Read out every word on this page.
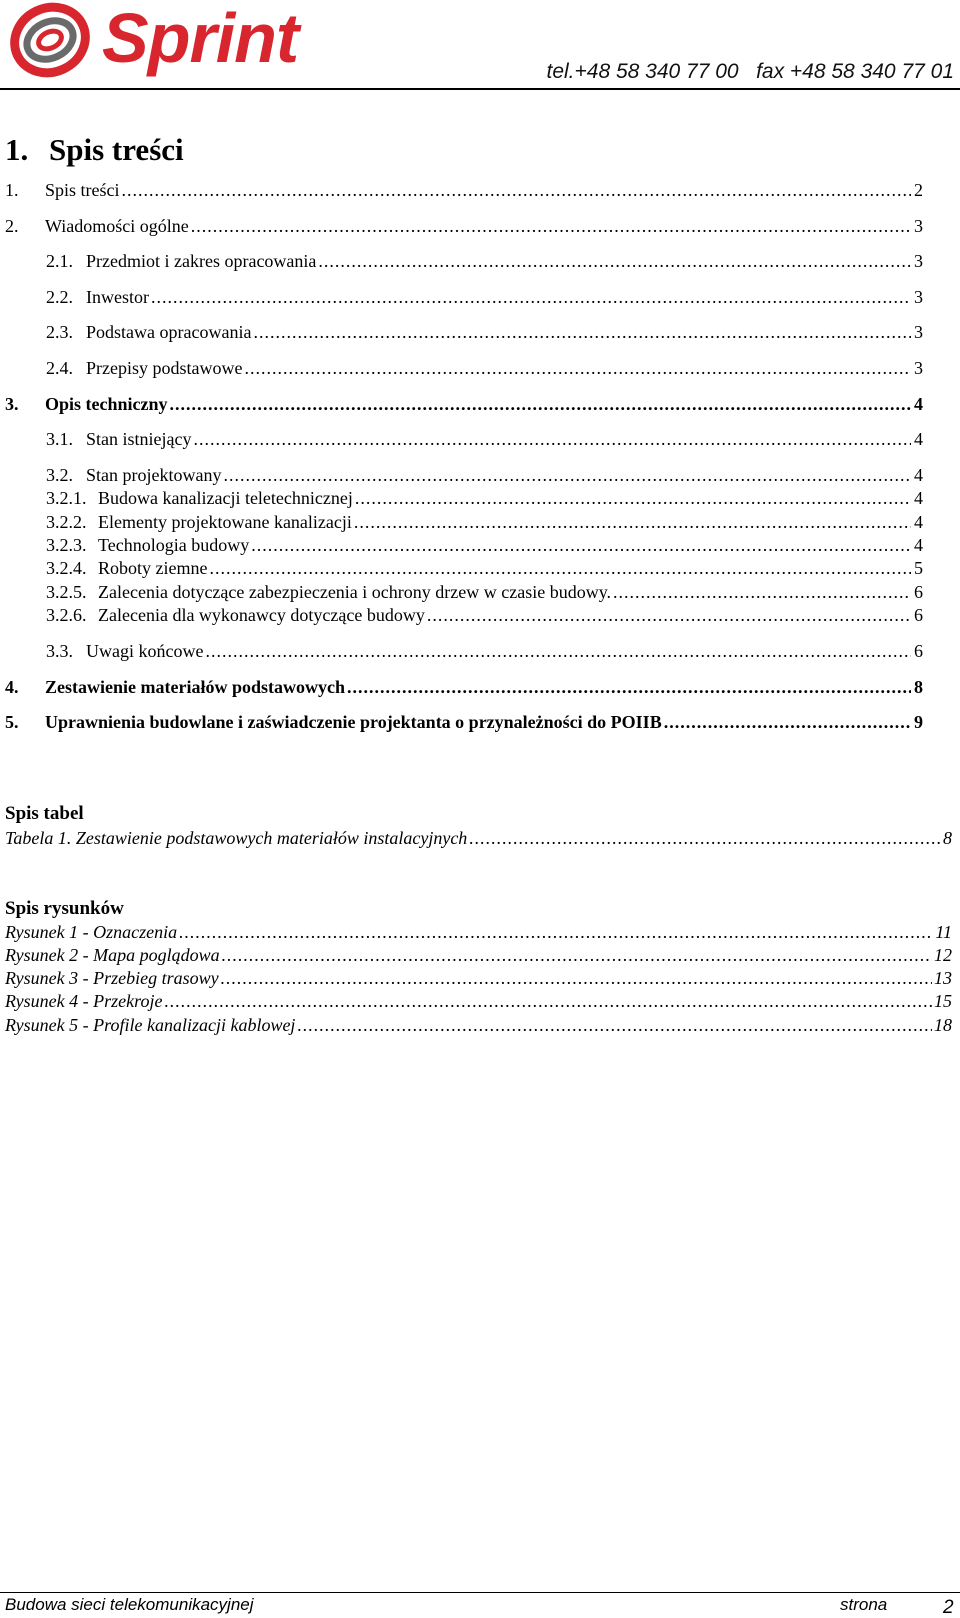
Sprint	tel.+48 58 340 77 00   fax +48 58 340 77 01
1. Spis treści
1.	Spis treści .....	2
2.	Wiadomości ogólne .....	3
2.1. Przedmiot i zakres opracowania .....	3
2.2. Inwestor .....	3
2.3. Podstawa opracowania .....	3
2.4. Przepisy podstawowe .....	3
3.	Opis techniczny .....	4
3.1. Stan istniejący .....	4
3.2. Stan projektowany .....	4
3.2.1. Budowa kanalizacji teletechnicznej .....	4
3.2.2. Elementy projektowane kanalizacji .....	4
3.2.3. Technologia budowy .....	4
3.2.4. Roboty ziemne .....	5
3.2.5. Zalecenia dotyczące zabezpieczenia i ochrony drzew w czasie budowy. .....	6
3.2.6. Zalecenia dla wykonawcy dotyczące budowy .....	6
3.3. Uwagi końcowe .....	6
4.	Zestawienie materiałów podstawowych .....	8
5.	Uprawnienia budowlane i zaświadczenie projektanta o przynależności do POIIB .....	9
Spis tabel
Tabela 1. Zestawienie podstawowych materiałów instalacyjnych .....	8
Spis rysunków
Rysunek 1 - Oznaczenia .....	11
Rysunek 2 - Mapa poglądowa .....	12
Rysunek 3 - Przebieg trasowy .....	13
Rysunek 4 - Przekroje .....	15
Rysunek 5 - Profile kanalizacji kablowej .....	18
Budowa sieci telekomunikacyjnej	strona	2
